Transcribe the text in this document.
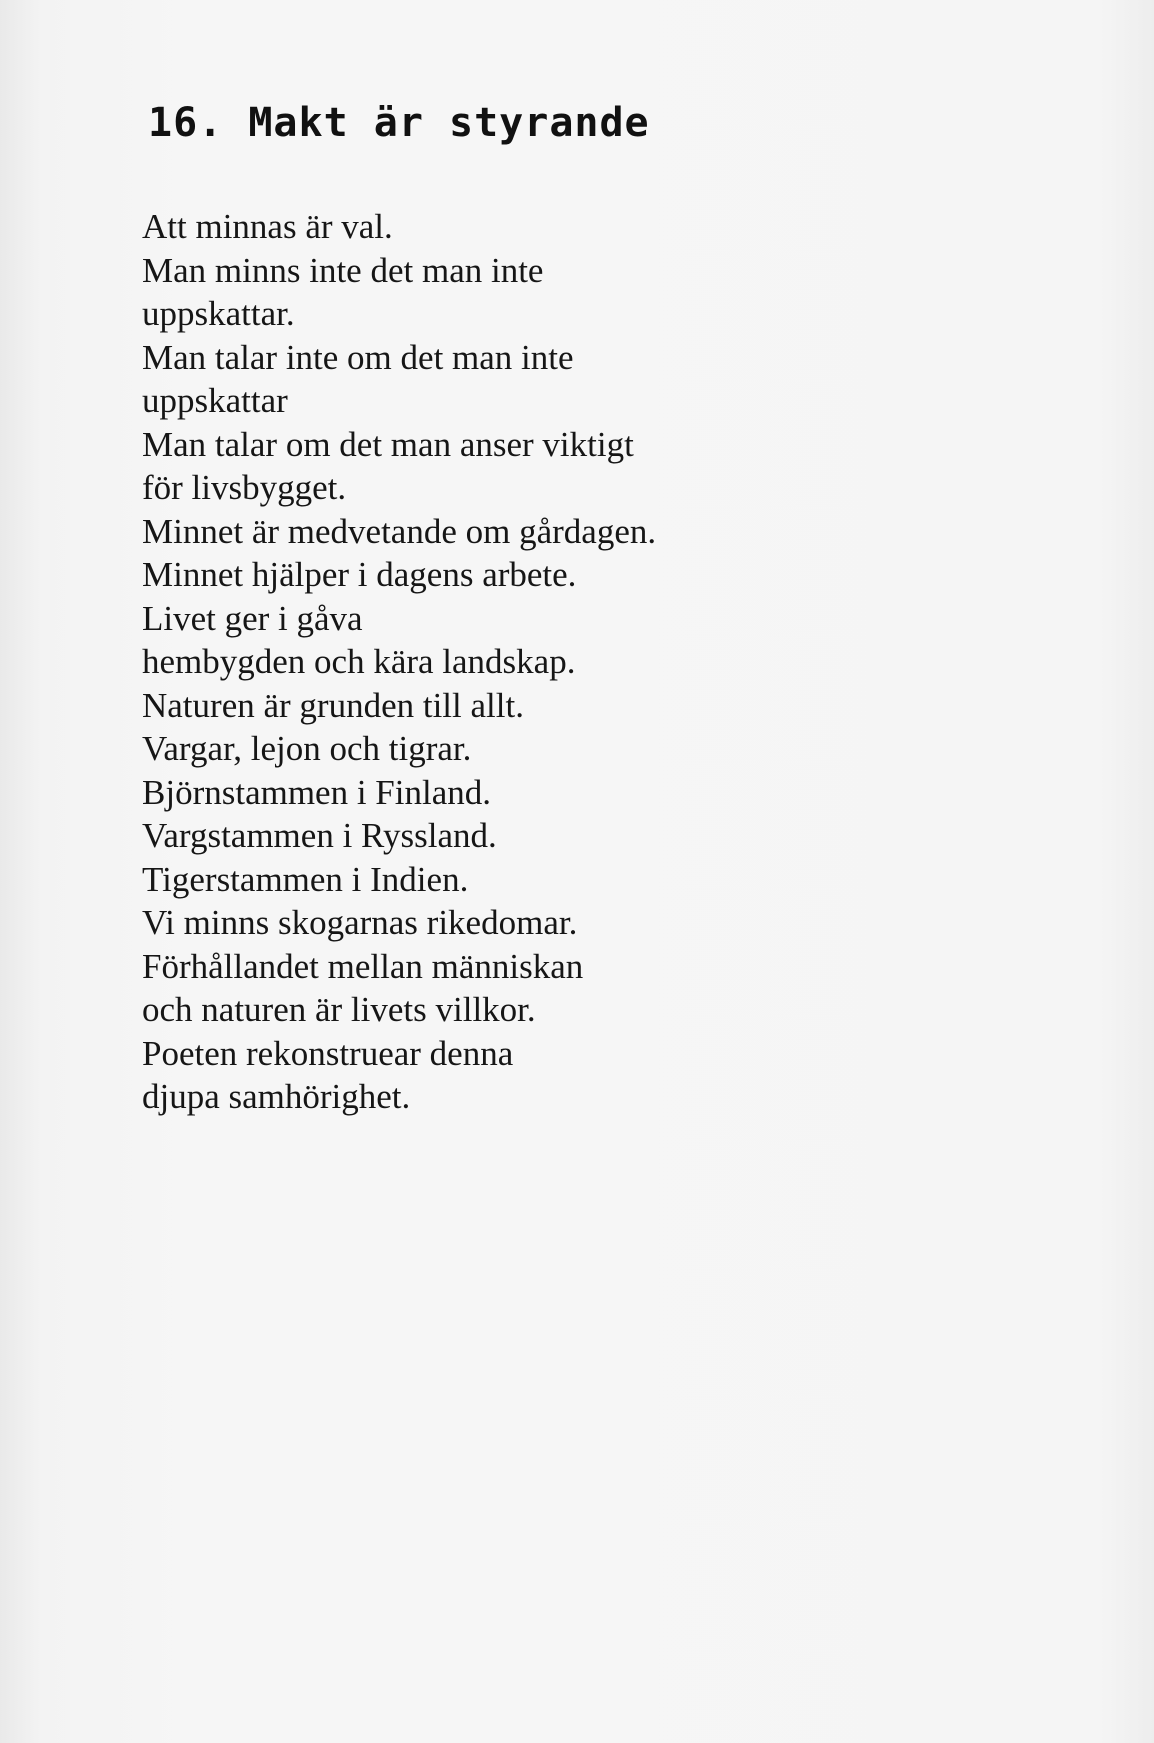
16. Makt är styrande
Att minnas är val.
Man minns inte det man inte
uppskattar.
Man talar inte om det man inte
uppskattar
Man talar om det man anser viktigt
för livsbygget.
Minnet är medvetande om gårdagen.
Minnet hjälper i dagens arbete.
Livet ger i gåva
hembygden och kära landskap.
Naturen är grunden till allt.
Vargar, lejon och tigrar.
Björnstammen i Finland.
Vargstammen i Ryssland.
Tigerstammen i Indien.
Vi minns skogarnas rikedomar.
Förhållandet mellan människan
och naturen är livets villkor.
Poeten rekonstruear denna
djupa samhörighet.
